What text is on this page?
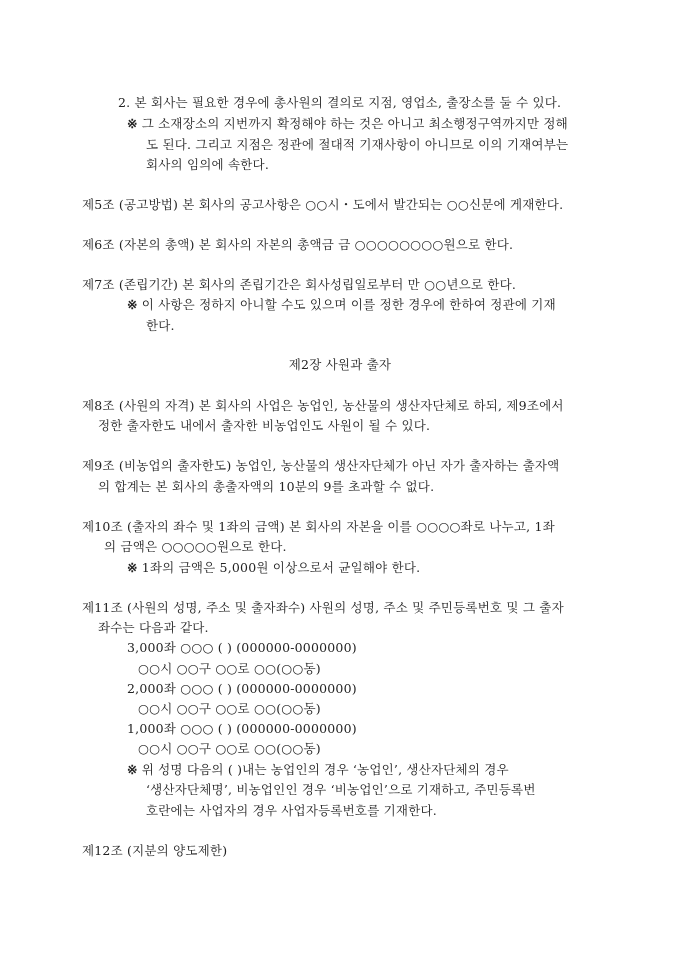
2. 본 회사는 필요한 경우에 총사원의 결의로 지점, 영업소, 출장소를 둘 수 있다.
※ 그 소재장소의 지번까지 확정해야 하는 것은 아니고 최소행정구역까지만 정해
도 된다. 그리고 지점은 정관에 절대적 기재사항이 아니므로 이의 기재여부는
회사의 임의에 속한다.
제5조 (공고방법) 본 회사의 공고사항은 ○○시・도에서 발간되는 ○○신문에 게재한다.
제6조 (자본의 총액) 본 회사의 자본의 총액금 금 ○○○○○○○○원으로 한다.
제7조 (존립기간) 본 회사의 존립기간은 회사성립일로부터 만 ○○년으로 한다.
※ 이 사항은 정하지 아니할 수도 있으며 이를 정한 경우에 한하여 정관에 기재
한다.
제2장 사원과 출자
제8조 (사원의 자격) 본 회사의 사업은 농업인, 농산물의 생산자단체로 하되, 제9조에서
정한 출자한도 내에서 출자한 비농업인도 사원이 될 수 있다.
제9조 (비농업의 출자한도) 농업인, 농산물의 생산자단체가 아닌 자가 출자하는 출자액
의 합계는 본 회사의 총출자액의 10분의 9를 초과할 수 없다.
제10조 (출자의 좌수 및 1좌의 금액) 본 회사의 자본을 이를 ○○○○좌로 나누고, 1좌
의 금액은 ○○○○○원으로 한다.
※ 1좌의 금액은 5,000원 이상으로서 균일해야 한다.
제11조 (사원의 성명, 주소 및 출자좌수) 사원의 성명, 주소 및 주민등록번호 및 그 출자
좌수는 다음과 같다.
3,000좌 ○○○ ( ) (000000-0000000)
○○시 ○○구 ○○로 ○○(○○동)
2,000좌 ○○○ ( ) (000000-0000000)
○○시 ○○구 ○○로 ○○(○○동)
1,000좌 ○○○ ( ) (000000-0000000)
○○시 ○○구 ○○로 ○○(○○동)
※ 위 성명 다음의 ( )내는 농업인의 경우 ‘농업인’, 생산자단체의 경우
‘생산자단체명’, 비농업인인 경우 ‘비농업인’으로 기재하고, 주민등록번
호란에는 사업자의 경우 사업자등록번호를 기재한다.
제12조 (지분의 양도제한)
